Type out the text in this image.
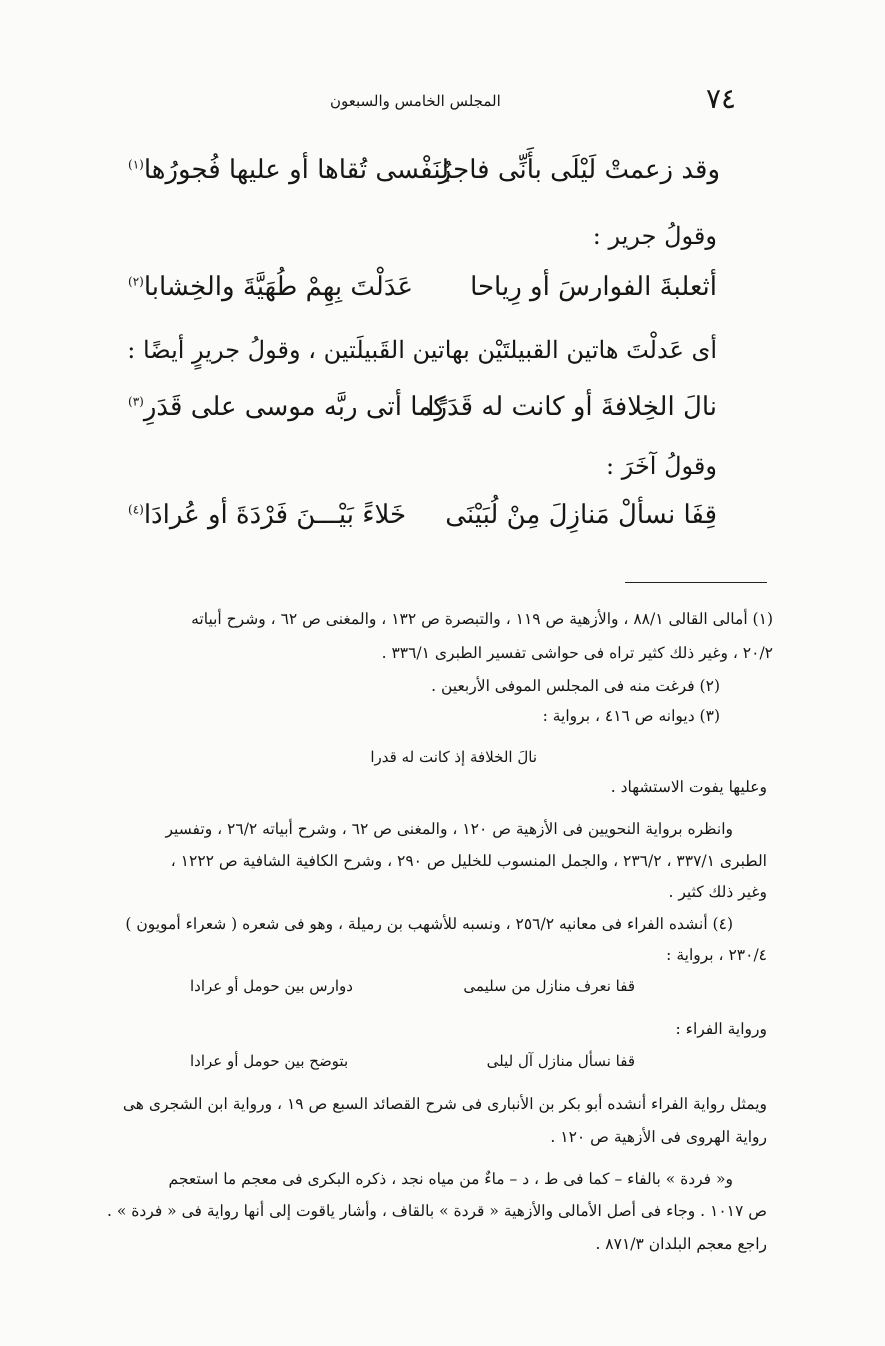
٧٤
المجلس الخامس والسبعون
وقد زعمتْ لَيْلَى بأَنِّى فاجرٌ
لِنَفْسى تُقاها أو عليها فُجورُها$^{(١)}$
وقولُ جرير :
أثعلبةَ الفوارسَ أو رِياحا
عَدَلْتَ بِهِمْ طُهَيَّةَ والخِشابا$^{(٢)}$
أى عَدلْتَ هاتين القبيلتَيْن بهاتين القَبيلَتين ، وقولُ جريرٍ أيضًا :
نالَ الخِلافةَ أو كانت له قَدَرًا
كما أتى ربَّه موسى على قَدَرِ$^{(٣)}$
وقولُ آخَرَ :
قِفَا نسألْ مَنازِلَ مِنْ لُبَيْنَى
خَلاءً بَيْـــنَ فَرْدَةَ أو عُرادَا$^{(٤)}$
(١) أمالى القالى ٨٨/١ ، والأزهية ص ١١٩ ، والتبصرة ص ١٣٢ ، والمغنى ص ٦٢ ، وشرح أبياته
٢٠/٢ ، وغير ذلك كثير تراه فى حواشى تفسير الطبرى ٣٣٦/١ .
(٢) فرغت منه فى المجلس الموفى الأربعين .
(٣) ديوانه ص ٤١٦ ، برواية :
نالَ الخلافة إذ كانت له قدرا
وعليها يفوت الاستشهاد .
وانظره برواية النحويين فى الأزهية ص ١٢٠ ، والمغنى ص ٦٢ ، وشرح أبياته ٢٦/٢ ، وتفسير
الطبرى ٣٣٧/١ ، ٢٣٦/٢ ، والجمل المنسوب للخليل ص ٢٩٠ ، وشرح الكافية الشافية ص ١٢٢٢ ،
وغير ذلك كثير .
(٤) أنشده الفراء فى معانيه ٢٥٦/٢ ، ونسبه للأشهب بن رميلة ، وهو فى شعره ( شعراء أمويون )
٢٣٠/٤ ، برواية :
قفا نعرف منازل من سليمى
دوارس بين حومل أو عرادا
ورواية الفراء :
قفا نسأل منازل آل ليلى
بتوضح بين حومل أو عرادا
ويمثل رواية الفراء أنشده أبو بكر بن الأنبارى فى شرح القصائد السبع ص ١٩ ، ورواية ابن الشجرى هى
رواية الهروى فى الأزهية ص ١٢٠ .
و« فردة » بالفاء – كما فى ط ، د – ماءٌ من مياه نجد ، ذكره البكرى فى معجم ما استعجم
ص ١٠١٧ . وجاء فى أصل الأمالى والأزهية « قردة » بالقاف ، وأشار ياقوت إلى أنها رواية فى « فردة » .
راجع معجم البلدان ٨٧١/٣ .
